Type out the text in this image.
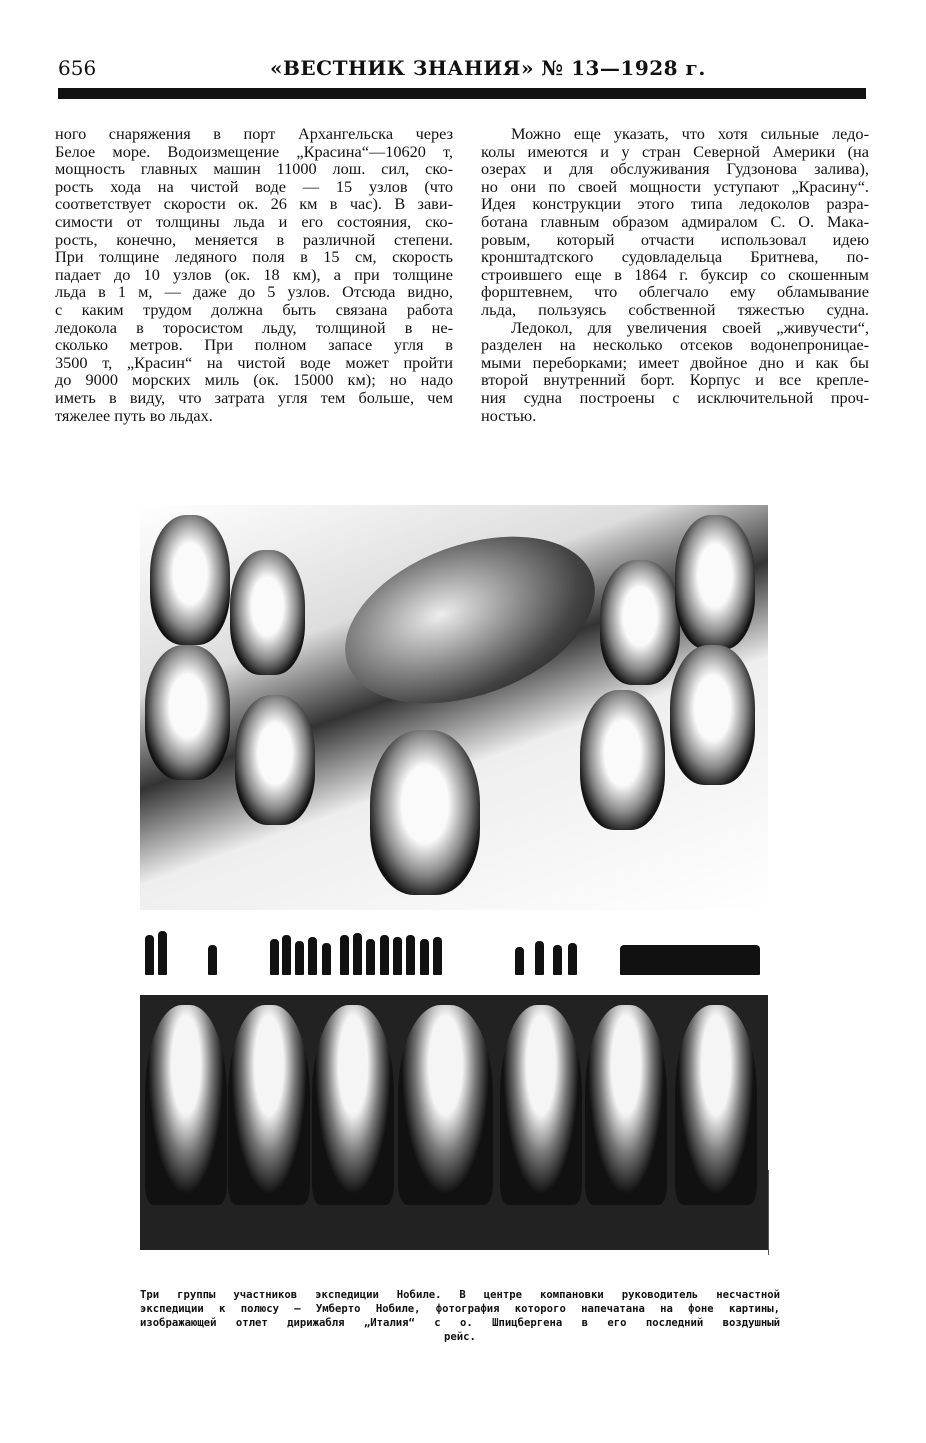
656	«ВЕСТНИК ЗНАНИЯ» № 13—1928 г.
ного снаряжения в порт Архангельска через
Белое море. Водоизмещение „Красина“—10620 т,
мощность главных машин 11000 лош. сил, ско-
рость хода на чистой воде — 15 узлов (что
соответствует скорости ок. 26 км в час). В зави-
симости от толщины льда и его состояния, ско-
рость, конечно, меняется в различной степени.
При толщине ледяного поля в 15 см, скорость
падает до 10 узлов (ок. 18 км), а при толщине
льда в 1 м, — даже до 5 узлов. Отсюда видно,
с каким трудом должна быть связана работа
ледокола в торосистом льду, толщиной в не-
сколько метров. При полном запасе угля в
3500 т, „Красин“ на чистой воде может пройти
до 9000 морских миль (ок. 15000 км); но надо
иметь в виду, что затрата угля тем больше, чем
тяжелее путь во льдах.
Можно еще указать, что хотя сильные ледо-
колы имеются и у стран Северной Америки (на
озерах и для обслуживания Гудзонова залива),
но они по своей мощности уступают „Красину“.
Идея конструкции этого типа ледоколов разра-
ботана главным образом адмиралом С. О. Мака-
ровым, который отчасти использовал идею
кронштадтского судовладельца Бритнева, по-
строившего еще в 1864 г. буксир со скошенным
форштевнем, что облегчало ему обламывание
льда, пользуясь собственной тяжестью судна.
Ледокол, для увеличения своей „живучести“,
разделен на несколько отсеков водонепроницае-
мыми переборками; имеет двойное дно и как бы
второй внутренний борт. Корпус и все крепле-
ния судна построены с исключительной проч-
ностью.
Три группы участников экспедиции Нобиле. В центре компановки руководитель несчастной
экспедиции к полюсу — Умберто Нобиле, фотография которого напечатана на фоне картины,
изображающей отлет дирижабля „Италия“ с о. Шпицбергена в его последний воздушный
рейс.
